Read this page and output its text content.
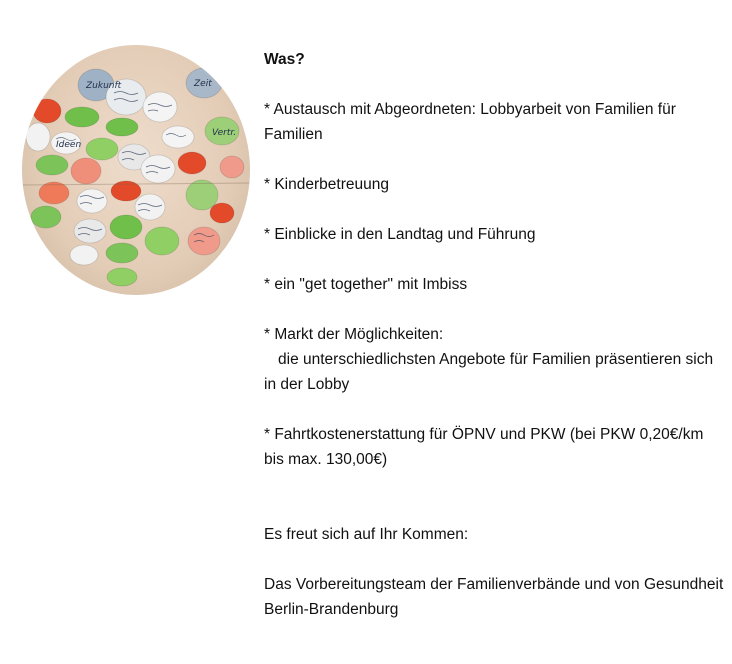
Zukunft	Zeit
Vertr.
Ideen

Was?

* Austausch mit Abgeordneten: Lobbyarbeit von Familien für Familien

* Kinderbetreuung

* Einblicke in den Landtag und Führung

* ein "get together" mit Imbiss

* Markt der Möglichkeiten:

die unterschiedlichsten Angebote für Familien präsentieren sich in der Lobby

* Fahrtkostenerstattung für ÖPNV und PKW (bei PKW 0,20€/km bis max. 130,00€)

Es freut sich auf Ihr Kommen:

Das Vorbereitungsteam der Familienverbände und von Gesundheit Berlin-Brandenburg
